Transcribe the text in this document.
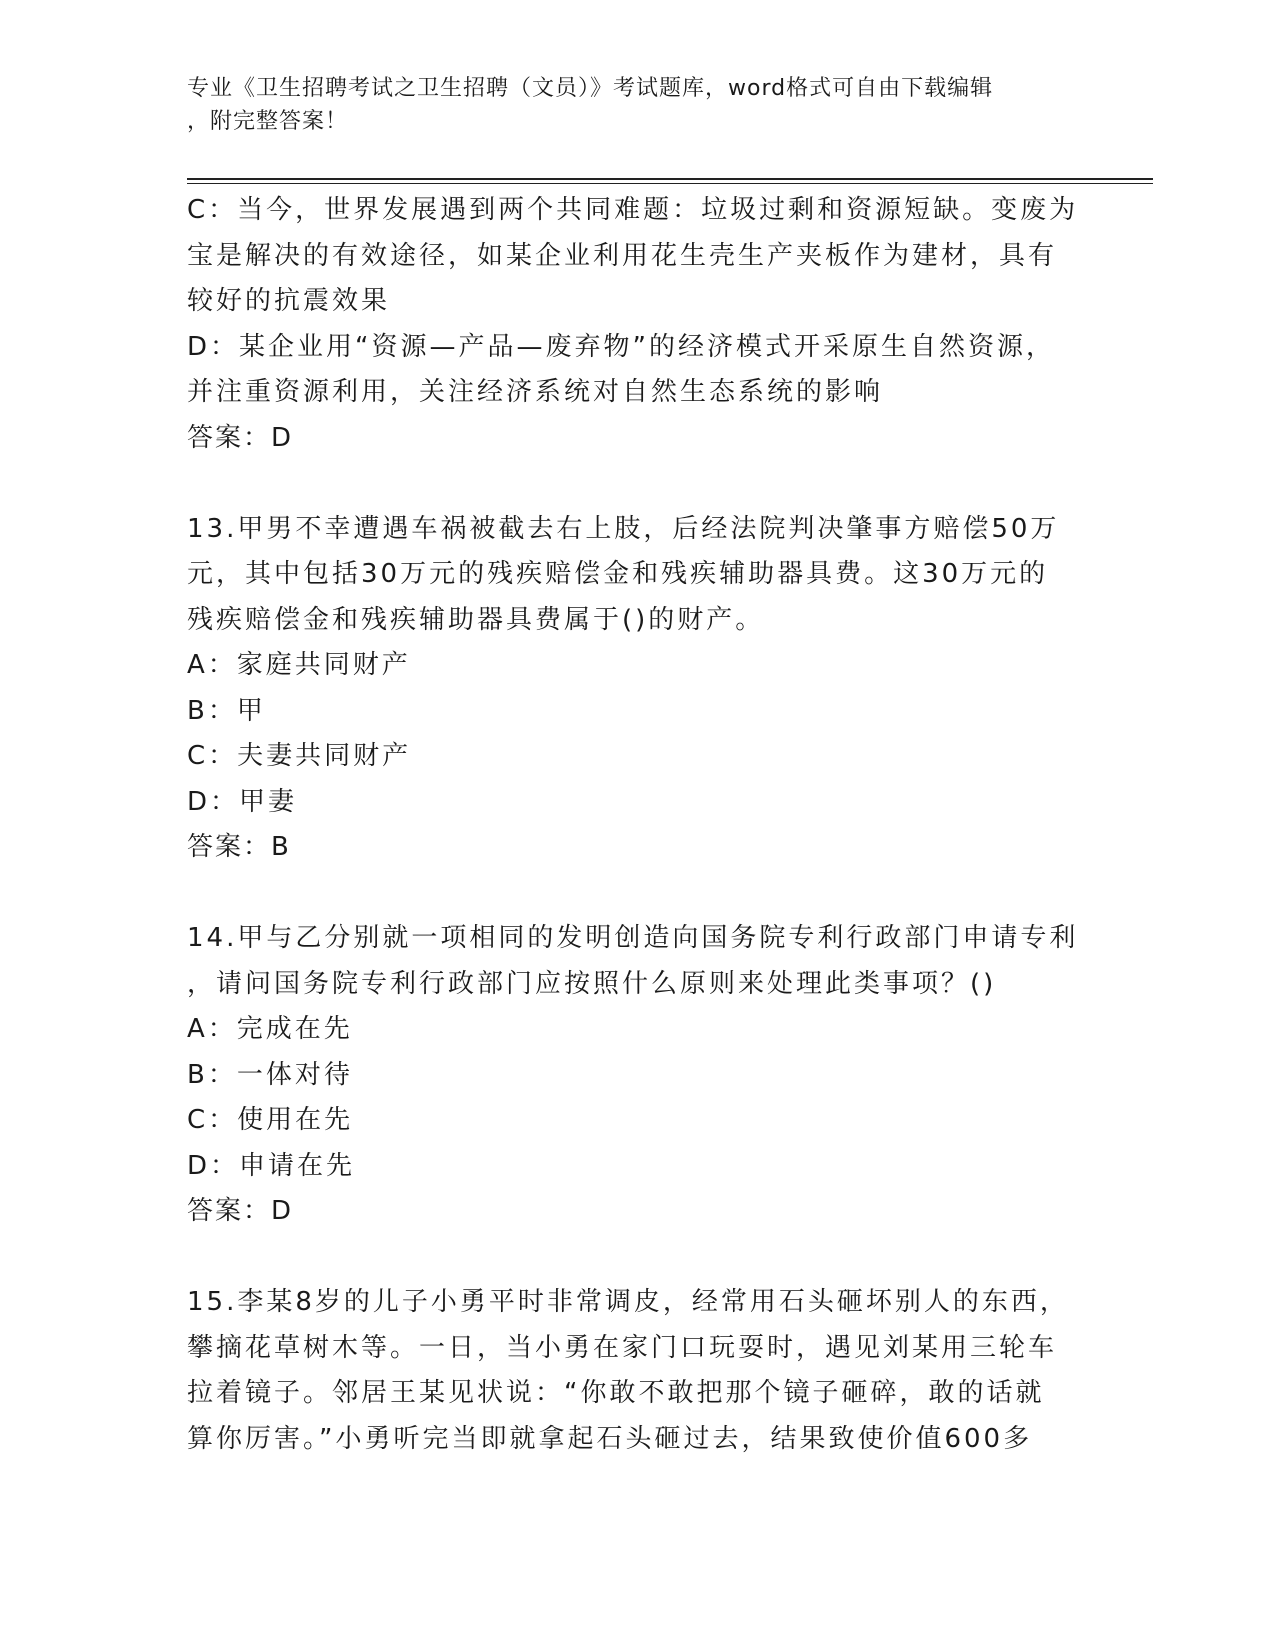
专业《卫生招聘考试之卫生招聘（文员）》考试题库，word格式可自由下载编辑
，附完整答案！

C：当今，世界发展遇到两个共同难题：垃圾过剩和资源短缺。变废为

宝是解决的有效途径，如某企业利用花生壳生产夹板作为建材，具有

较好的抗震效果

D：某企业用“资源—产品—废弃物”的经济模式开采原生自然资源，

并注重资源利用，关注经济系统对自然生态系统的影响

答案：D

13.甲男不幸遭遇车祸被截去右上肢，后经法院判决肇事方赔偿50万

元，其中包括30万元的残疾赔偿金和残疾辅助器具费。这30万元的

残疾赔偿金和残疾辅助器具费属于()的财产。

A：家庭共同财产

B：甲

C：夫妻共同财产

D：甲妻

答案：B

14.甲与乙分别就一项相同的发明创造向国务院专利行政部门申请专利

，请问国务院专利行政部门应按照什么原则来处理此类事项？()

A：完成在先

B：一体对待

C：使用在先

D：申请在先

答案：D

15.李某8岁的儿子小勇平时非常调皮，经常用石头砸坏别人的东西，

攀摘花草树木等。一日，当小勇在家门口玩耍时，遇见刘某用三轮车

拉着镜子。邻居王某见状说：“你敢不敢把那个镜子砸碎，敢的话就

算你厉害。”小勇听完当即就拿起石头砸过去，结果致使价值600多
